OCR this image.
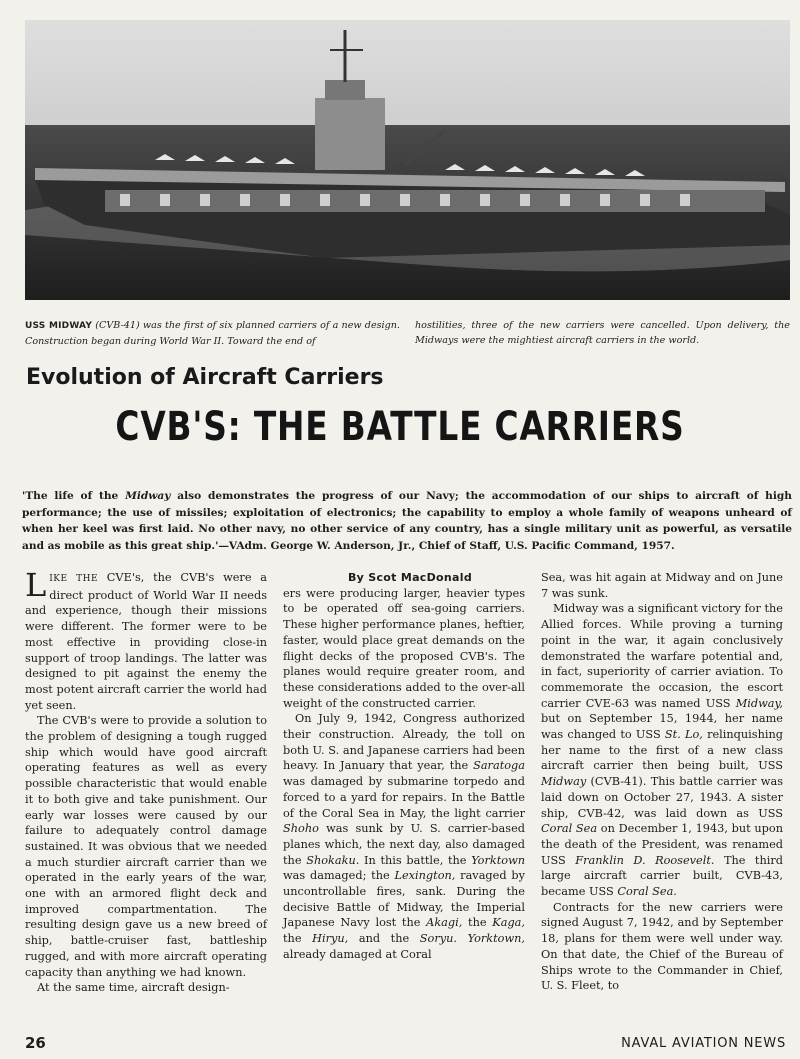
USS MIDWAY (CVB-41) was the first of six planned carriers of a new design. Construction began during World War II. Toward the end of

hostilities, three of the new carriers were cancelled. Upon delivery, the Midways were the mightiest aircraft carriers in the world.

Evolution of Aircraft Carriers
CVB'S: THE BATTLE CARRIERS

'The life of the Midway also demonstrates the progress of our Navy; the accommodation of our ships to aircraft of high performance; the use of missiles; exploitation of electronics; the capability to employ a whole family of weapons unheard of when her keel was first laid. No other navy, no other service of any country, has a single military unit as powerful, as versatile and as mobile as this great ship.'—VAdm. George W. Anderson, Jr., Chief of Staff, U.S. Pacific Command, 1957.

LIKE THE CVE's, the CVB's were a direct product of World War II needs and experience, though their missions were different. The former were to be most effective in providing close-in support of troop landings. The latter was designed to pit against the enemy the most potent aircraft carrier the world had yet seen.

The CVB's were to provide a solution to the problem of designing a tough rugged ship which would have good aircraft operating features as well as every possible characteristic that would enable it to both give and take punishment. Our early war losses were caused by our failure to adequately control damage sustained. It was obvious that we needed a much sturdier aircraft carrier than we operated in the early years of the war, one with an armored flight deck and improved compartmentation. The resulting design gave us a new breed of ship, battle-cruiser fast, battleship rugged, and with more aircraft operating capacity than anything we had known.

At the same time, aircraft design-

By Scot MacDonald

ers were producing larger, heavier types to be operated off sea-going carriers. These higher performance planes, heftier, faster, would place great demands on the flight decks of the proposed CVB's. The planes would require greater room, and these considerations added to the over-all weight of the constructed carrier.

On July 9, 1942, Congress authorized their construction. Already, the toll on both U. S. and Japanese carriers had been heavy. In January that year, the Saratoga was damaged by submarine torpedo and forced to a yard for repairs. In the Battle of the Coral Sea in May, the light carrier Shoho was sunk by U. S. carrier-based planes which, the next day, also damaged the Shokaku. In this battle, the Yorktown was damaged; the Lexington, ravaged by uncontrollable fires, sank. During the decisive Battle of Midway, the Imperial Japanese Navy lost the Akagi, the Kaga, the Hiryu, and the Soryu. Yorktown, already damaged at Coral

Sea, was hit again at Midway and on June 7 was sunk.

Midway was a significant victory for the Allied forces. While proving a turning point in the war, it again conclusively demonstrated the warfare potential and, in fact, superiority of carrier aviation. To commemorate the occasion, the escort carrier CVE-63 was named USS Midway, but on September 15, 1944, her name was changed to USS St. Lo, relinquishing her name to the first of a new class aircraft carrier then being built, USS Midway (CVB-41). This battle carrier was laid down on October 27, 1943. A sister ship, CVB-42, was laid down as USS Coral Sea on December 1, 1943, but upon the death of the President, was renamed USS Franklin D. Roosevelt. The third large aircraft carrier built, CVB-43, became USS Coral Sea.

Contracts for the new carriers were signed August 7, 1942, and by September 18, plans for them were well under way. On that date, the Chief of the Bureau of Ships wrote to the Commander in Chief, U. S. Fleet, to

26	NAVAL AVIATION NEWS
